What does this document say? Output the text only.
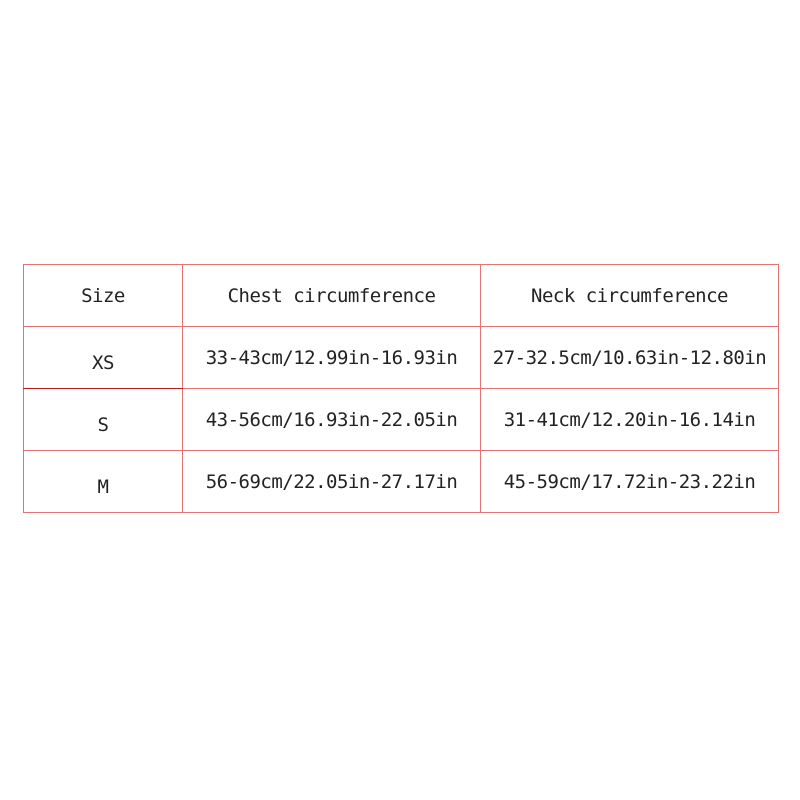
Size	Chest circumference	Neck circumference
XS	33-43cm/12.99in-16.93in	27-32.5cm/10.63in-12.80in
S	43-56cm/16.93in-22.05in	31-41cm/12.20in-16.14in
M	56-69cm/22.05in-27.17in	45-59cm/17.72in-23.22in
